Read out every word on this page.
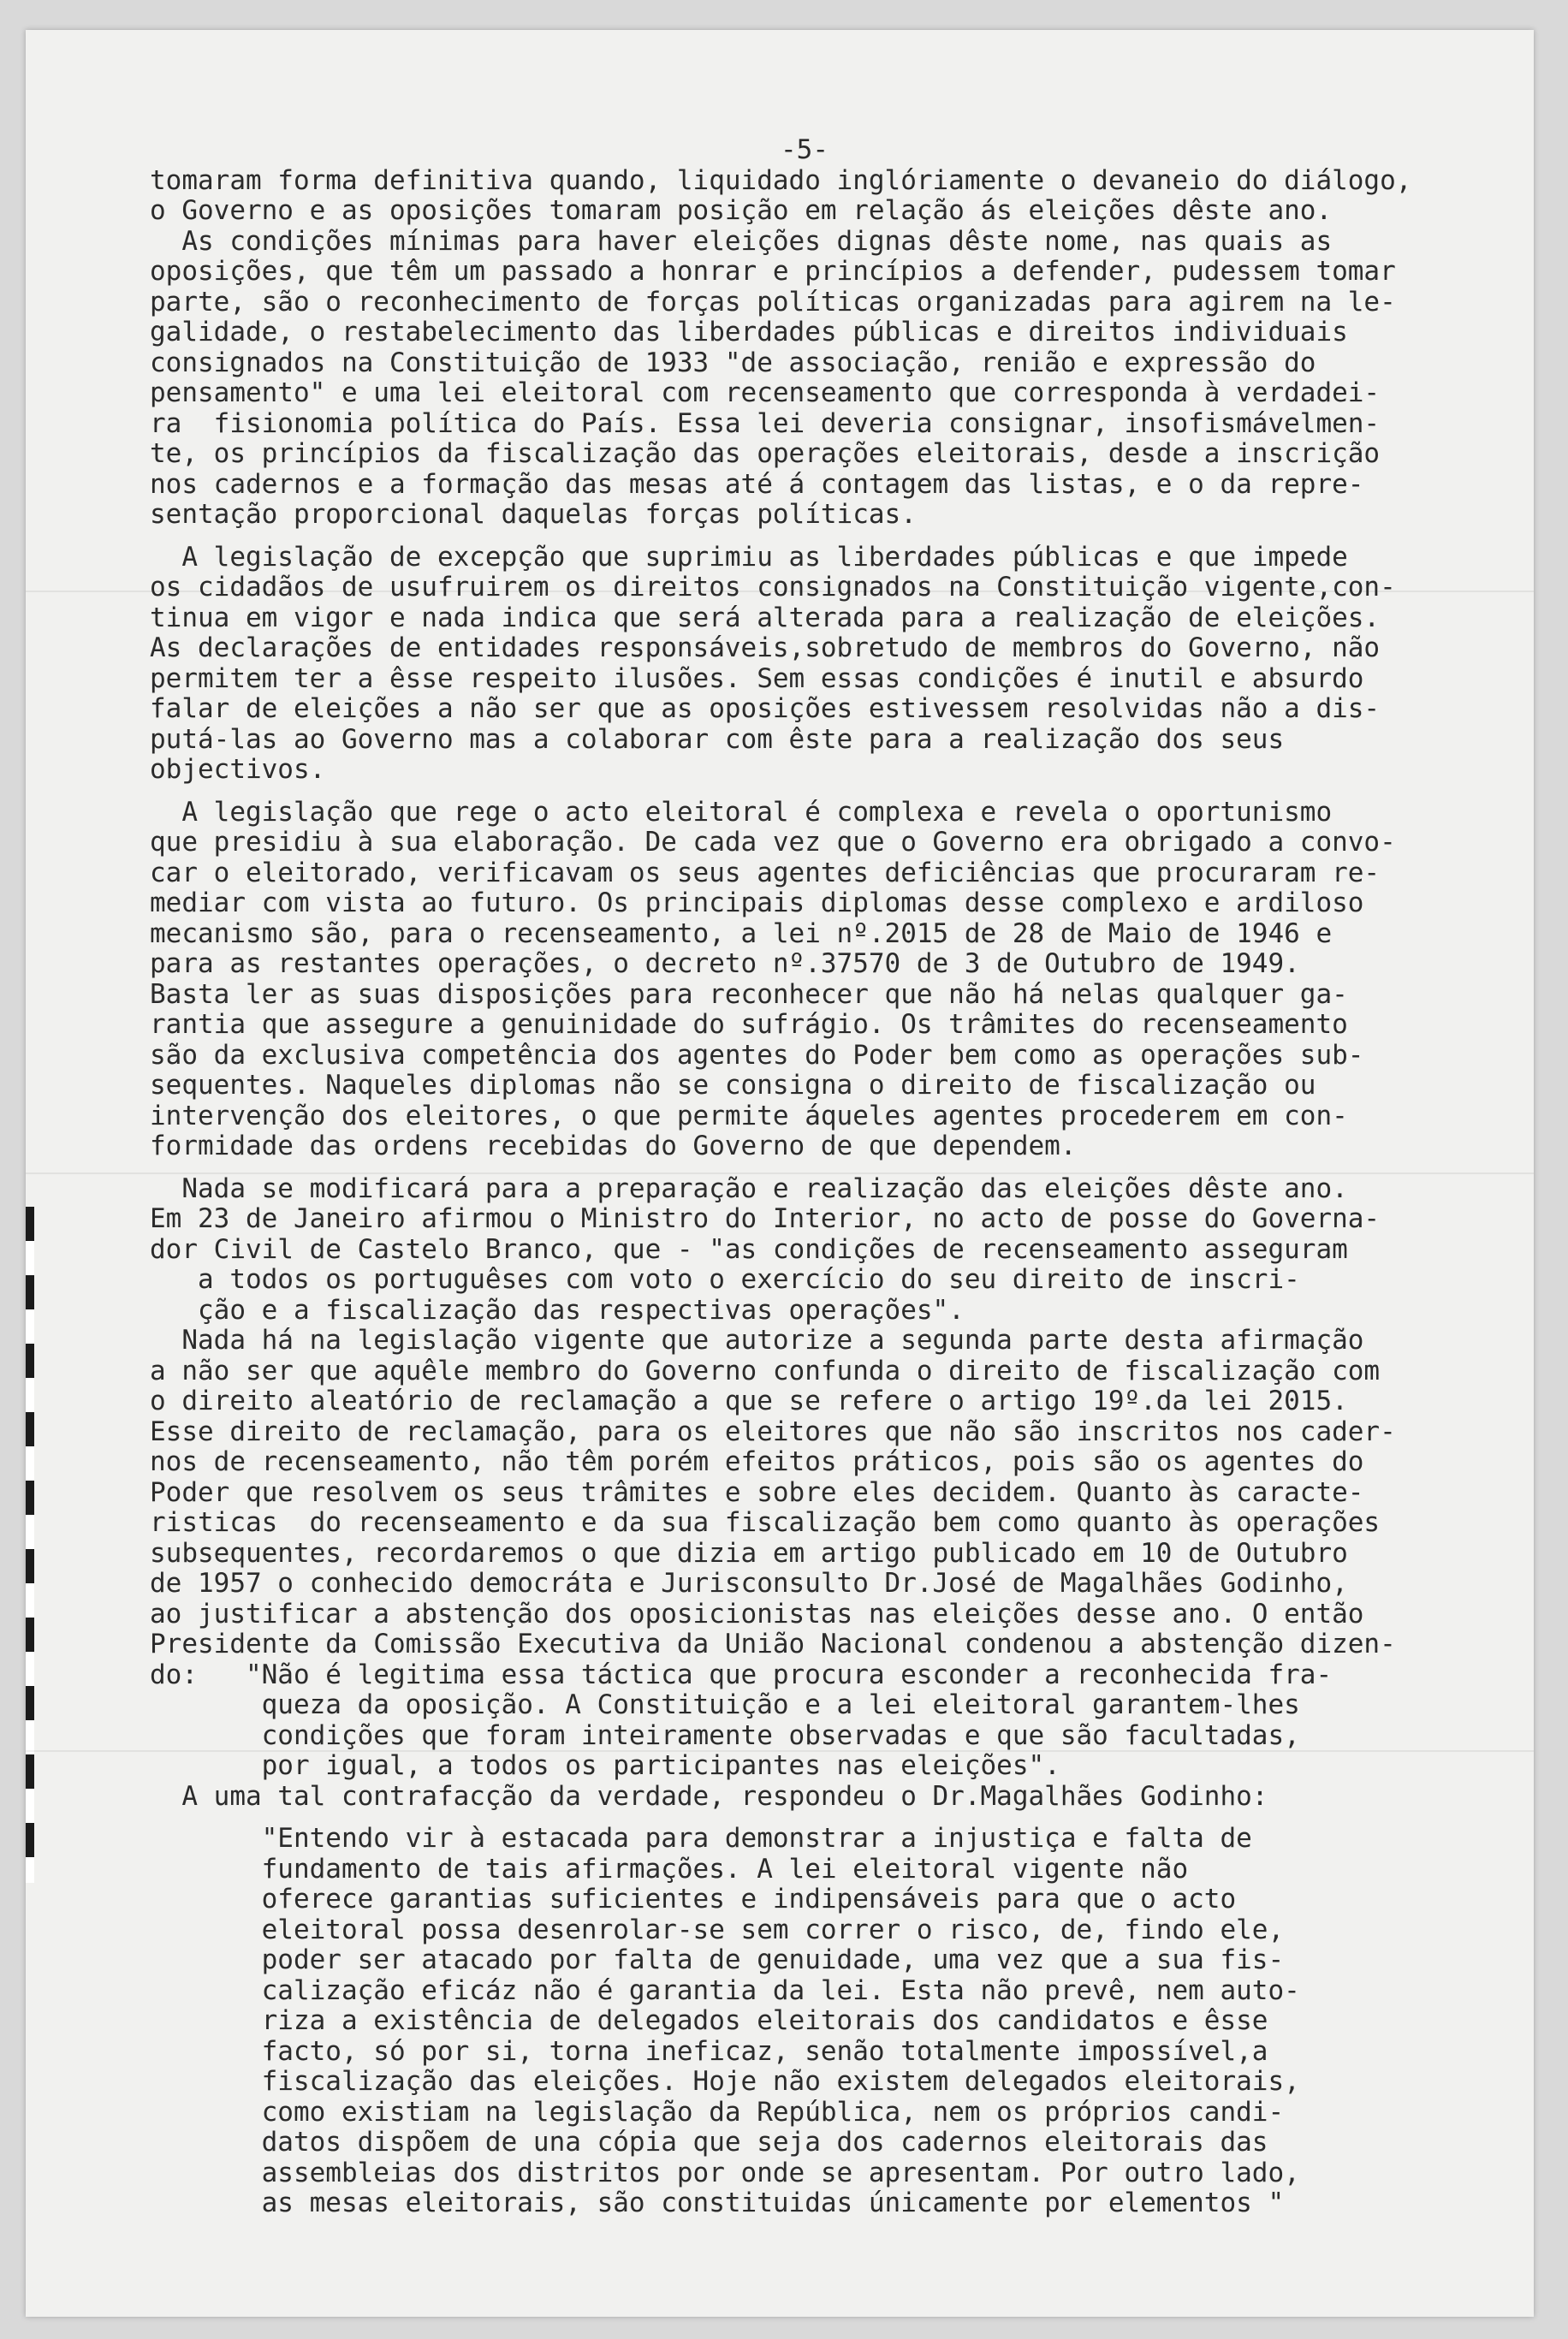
-5-
tomaram forma definitiva quando, liquidado inglóriamente o devaneio do diálogo,
o Governo e as oposições tomaram posição em relação ás eleições dêste ano.
As condições mínimas para haver eleições dignas dêste nome, nas quais as
oposições, que têm um passado a honrar e princípios a defender, pudessem tomar
parte, são o reconhecimento de forças políticas organizadas para agirem na le-
galidade, o restabelecimento das liberdades públicas e direitos individuais
consignados na Constituição de 1933 "de associação, renião e expressão do
pensamento" e uma lei eleitoral com recenseamento que corresponda à verdadei-
ra  fisionomia política do País. Essa lei deveria consignar, insofismávelmen-
te, os princípios da fiscalização das operações eleitorais, desde a inscrição
nos cadernos e a formação das mesas até á contagem das listas, e o da repre-
sentação proporcional daquelas forças políticas.
A legislação de excepção que suprimiu as liberdades públicas e que impede
os cidadãos de usufruirem os direitos consignados na Constituição vigente,con-
tinua em vigor e nada indica que será alterada para a realização de eleições.
As declarações de entidades responsáveis,sobretudo de membros do Governo, não
permitem ter a êsse respeito ilusões. Sem essas condições é inutil e absurdo
falar de eleições a não ser que as oposições estivessem resolvidas não a dis-
putá-las ao Governo mas a colaborar com êste para a realização dos seus
objectivos.
A legislação que rege o acto eleitoral é complexa e revela o oportunismo
que presidiu à sua elaboração. De cada vez que o Governo era obrigado a convo-
car o eleitorado, verificavam os seus agentes deficiências que procuraram re-
mediar com vista ao futuro. Os principais diplomas desse complexo e ardiloso
mecanismo são, para o recenseamento, a lei nº.2015 de 28 de Maio de 1946 e
para as restantes operações, o decreto nº.37570 de 3 de Outubro de 1949.
Basta ler as suas disposições para reconhecer que não há nelas qualquer ga-
rantia que assegure a genuinidade do sufrágio. Os trâmites do recenseamento
são da exclusiva competência dos agentes do Poder bem como as operações sub-
sequentes. Naqueles diplomas não se consigna o direito de fiscalização ou
intervenção dos eleitores, o que permite áqueles agentes procederem em con-
formidade das ordens recebidas do Governo de que dependem.
Nada se modificará para a preparação e realização das eleições dêste ano.
Em 23 de Janeiro afirmou o Ministro do Interior, no acto de posse do Governa-
dor Civil de Castelo Branco, que - "as condições de recenseamento asseguram
a todos os portuguêses com voto o exercício do seu direito de inscri-
ção e a fiscalização das respectivas operações".
Nada há na legislação vigente que autorize a segunda parte desta afirmação
a não ser que aquêle membro do Governo confunda o direito de fiscalização com
o direito aleatório de reclamação a que se refere o artigo 19º.da lei 2015.
Esse direito de reclamação, para os eleitores que não são inscritos nos cader-
nos de recenseamento, não têm porém efeitos práticos, pois são os agentes do
Poder que resolvem os seus trâmites e sobre eles decidem. Quanto às caracte-
risticas  do recenseamento e da sua fiscalização bem como quanto às operações
subsequentes, recordaremos o que dizia em artigo publicado em 10 de Outubro
de 1957 o conhecido democráta e Jurisconsulto Dr.José de Magalhães Godinho,
ao justificar a abstenção dos oposicionistas nas eleições desse ano. O então
Presidente da Comissão Executiva da União Nacional condenou a abstenção dizen-
do:   "Não é legitima essa táctica que procura esconder a reconhecida fra-
queza da oposição. A Constituição e a lei eleitoral garantem-lhes
condições que foram inteiramente observadas e que são facultadas,
por igual, a todos os participantes nas eleições".
A uma tal contrafacção da verdade, respondeu o Dr.Magalhães Godinho:
"Entendo vir à estacada para demonstrar a injustiça e falta de
fundamento de tais afirmações. A lei eleitoral vigente não
oferece garantias suficientes e indipensáveis para que o acto
eleitoral possa desenrolar-se sem correr o risco, de, findo ele,
poder ser atacado por falta de genuidade, uma vez que a sua fis-
calização eficáz não é garantia da lei. Esta não prevê, nem auto-
riza a existência de delegados eleitorais dos candidatos e êsse
facto, só por si, torna ineficaz, senão totalmente impossível,a
fiscalização das eleições. Hoje não existem delegados eleitorais,
como existiam na legislação da República, nem os próprios candi-
datos dispõem de una cópia que seja dos cadernos eleitorais das
assembleias dos distritos por onde se apresentam. Por outro lado,
as mesas eleitorais, são constituidas únicamente por elementos "
